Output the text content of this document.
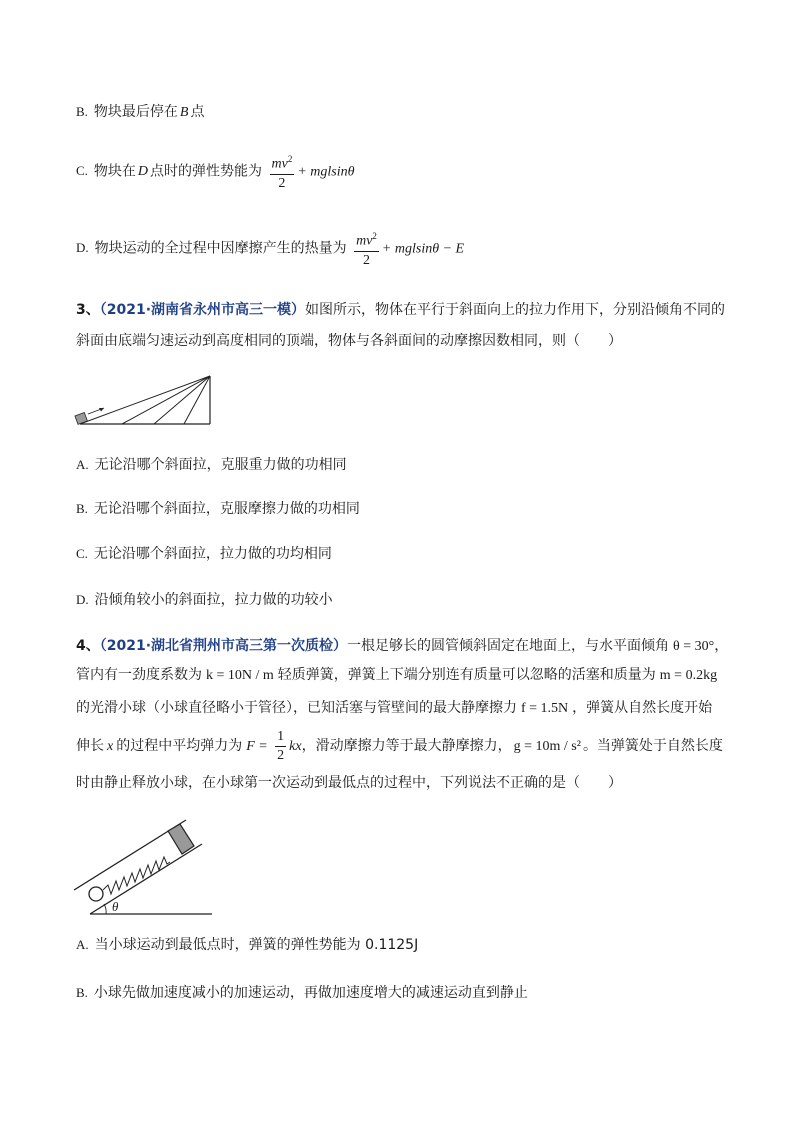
B. 物块最后停在 B 点
C. 物块在 D 点时的弹性势能为 $\frac{mv^2}{2} + mglsin\theta$
D. 物块运动的全过程中因摩擦产生的热量为 $\frac{mv^2}{2} + mglsin\theta - E$
3、（2021·湖南省永州市高三一模）如图所示，物体在平行于斜面向上的拉力作用下，分别沿倾角不同的
斜面由底端匀速运动到高度相同的顶端，物体与各斜面间的动摩擦因数相同，则（　　）
A. 无论沿哪个斜面拉，克服重力做的功相同
B. 无论沿哪个斜面拉，克服摩擦力做的功相同
C. 无论沿哪个斜面拉，拉力做的功均相同
D. 沿倾角较小的斜面拉，拉力做的功较小
4、（2021·湖北省荆州市高三第一次质检）一根足够长的圆管倾斜固定在地面上，与水平面倾角 θ = 30°，
管内有一劲度系数为 k = 10N / m 轻质弹簧，弹簧上下端分别连有质量可以忽略的活塞和质量为 m = 0.2kg
的光滑小球（小球直径略小于管径），已知活塞与管壁间的最大静摩擦力 f = 1.5N ，弹簧从自然长度开始
伸长 x 的过程中平均弹力为 $F = \frac{1}{2}$ kx，滑动摩擦力等于最大静摩擦力， g = 10m / s² 。当弹簧处于自然长度
时由静止释放小球，在小球第一次运动到最低点的过程中，下列说法不正确的是（　　）
θ
A. 当小球运动到最低点时，弹簧的弹性势能为 0.1125J
B. 小球先做加速度减小的加速运动，再做加速度增大的减速运动直到静止
